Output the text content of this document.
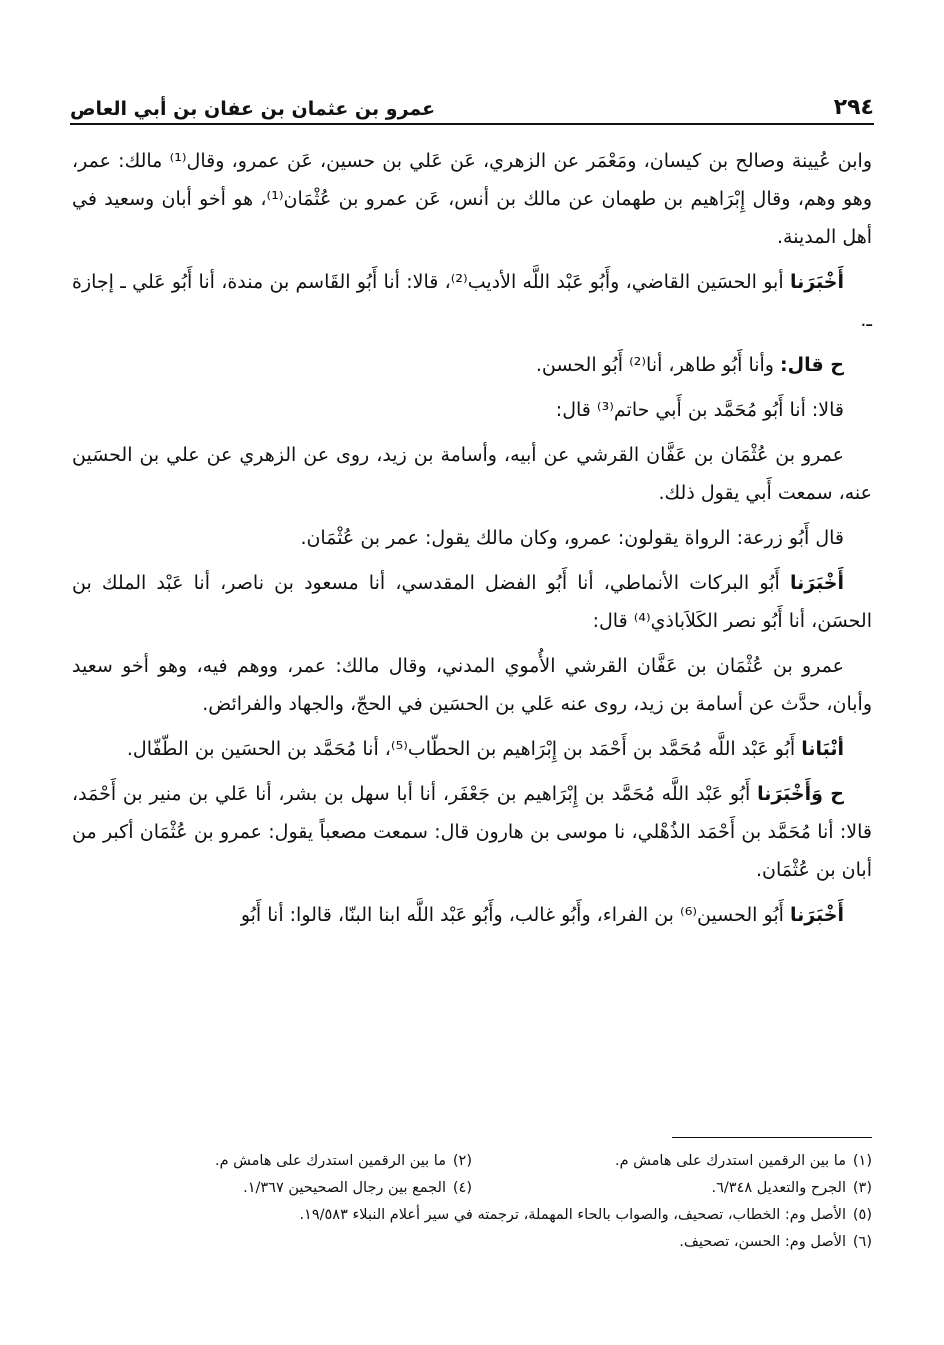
٢٩٤
عمرو بن عثمان بن عفان بن أبي العاص

وابن عُيينة وصالح بن كيسان، ومَعْمَر عن الزهري، عَن عَلي بن حسين، عَن عمرو، وقال⁽¹⁾ مالك: عمر، وهو وهم، وقال إِبْرَاهيم بن طهمان عن مالك بن أنس، عَن عمرو بن عُثْمَان⁽¹⁾، هو أخو أبان وسعيد في أهل المدينة.

أَخْبَرَنا أبو الحسَين القاضي، وأَبُو عَبْد اللَّه الأديب⁽²⁾، قالا: أنا أَبُو القَاسم بن مندة، أنا أَبُو عَلي ـ إجازة ـ.

ح قال: وأنا أَبُو طاهر، أنا⁽²⁾ أَبُو الحسن.

قالا: أنا أَبُو مُحَمَّد بن أَبي حاتم⁽³⁾ قال:

عمرو بن عُثْمَان بن عَفَّان القرشي عن أبيه، وأسامة بن زيد، روى عن الزهري عن علي بن الحسَين عنه، سمعت أَبي يقول ذلك.

قال أَبُو زرعة: الرواة يقولون: عمرو، وكان مالك يقول: عمر بن عُثْمَان.

أَخْبَرَنا أَبُو البركات الأنماطي، أنا أَبُو الفضل المقدسي، أنا مسعود بن ناصر، أنا عَبْد الملك بن الحسَن، أنا أَبُو نصر الكَلاَباذي⁽⁴⁾ قال:

عمرو بن عُثْمَان بن عَفَّان القرشي الأُموي المدني، وقال مالك: عمر، ووهم فيه، وهو أخو سعيد وأبان، حدَّث عن أسامة بن زيد، روى عنه عَلي بن الحسَين في الحجّ، والجهاد والفرائض.

أنْبَانا أَبُو عَبْد اللَّه مُحَمَّد بن أَحْمَد بن إِبْرَاهيم بن الحطّاب⁽⁵⁾، أنا مُحَمَّد بن الحسَين بن الطّفّال.

ح وَأَخْبَرَنا أَبُو عَبْد اللَّه مُحَمَّد بن إِبْرَاهيم بن جَعْفَر، أنا أبا سهل بن بشر، أنا عَلي بن منير بن أَحْمَد، قالا: أنا مُحَمَّد بن أَحْمَد الذُهْلي، نا موسى بن هارون قال: سمعت مصعباً يقول: عمرو بن عُثْمَان أكبر من أبان بن عُثْمَان.

أَخْبَرَنا أَبُو الحسين⁽⁶⁾ بن الفراء، وأَبُو غالب، وأَبُو عَبْد اللَّه ابنا البنّا، قالوا: أنا أَبُو

(١)ما بين الرقمين استدرك على هامش م.
(٢)ما بين الرقمين استدرك على هامش م.
(٣)الجرح والتعديل ٦/٣٤٨.
(٤)الجمع بين رجال الصحيحين ١/٣٦٧.
(٥)الأصل وم: الخطاب، تصحيف، والصواب بالحاء المهملة، ترجمته في سير أعلام النبلاء ١٩/٥٨٣.
(٦)الأصل وم: الحسن، تصحيف.
